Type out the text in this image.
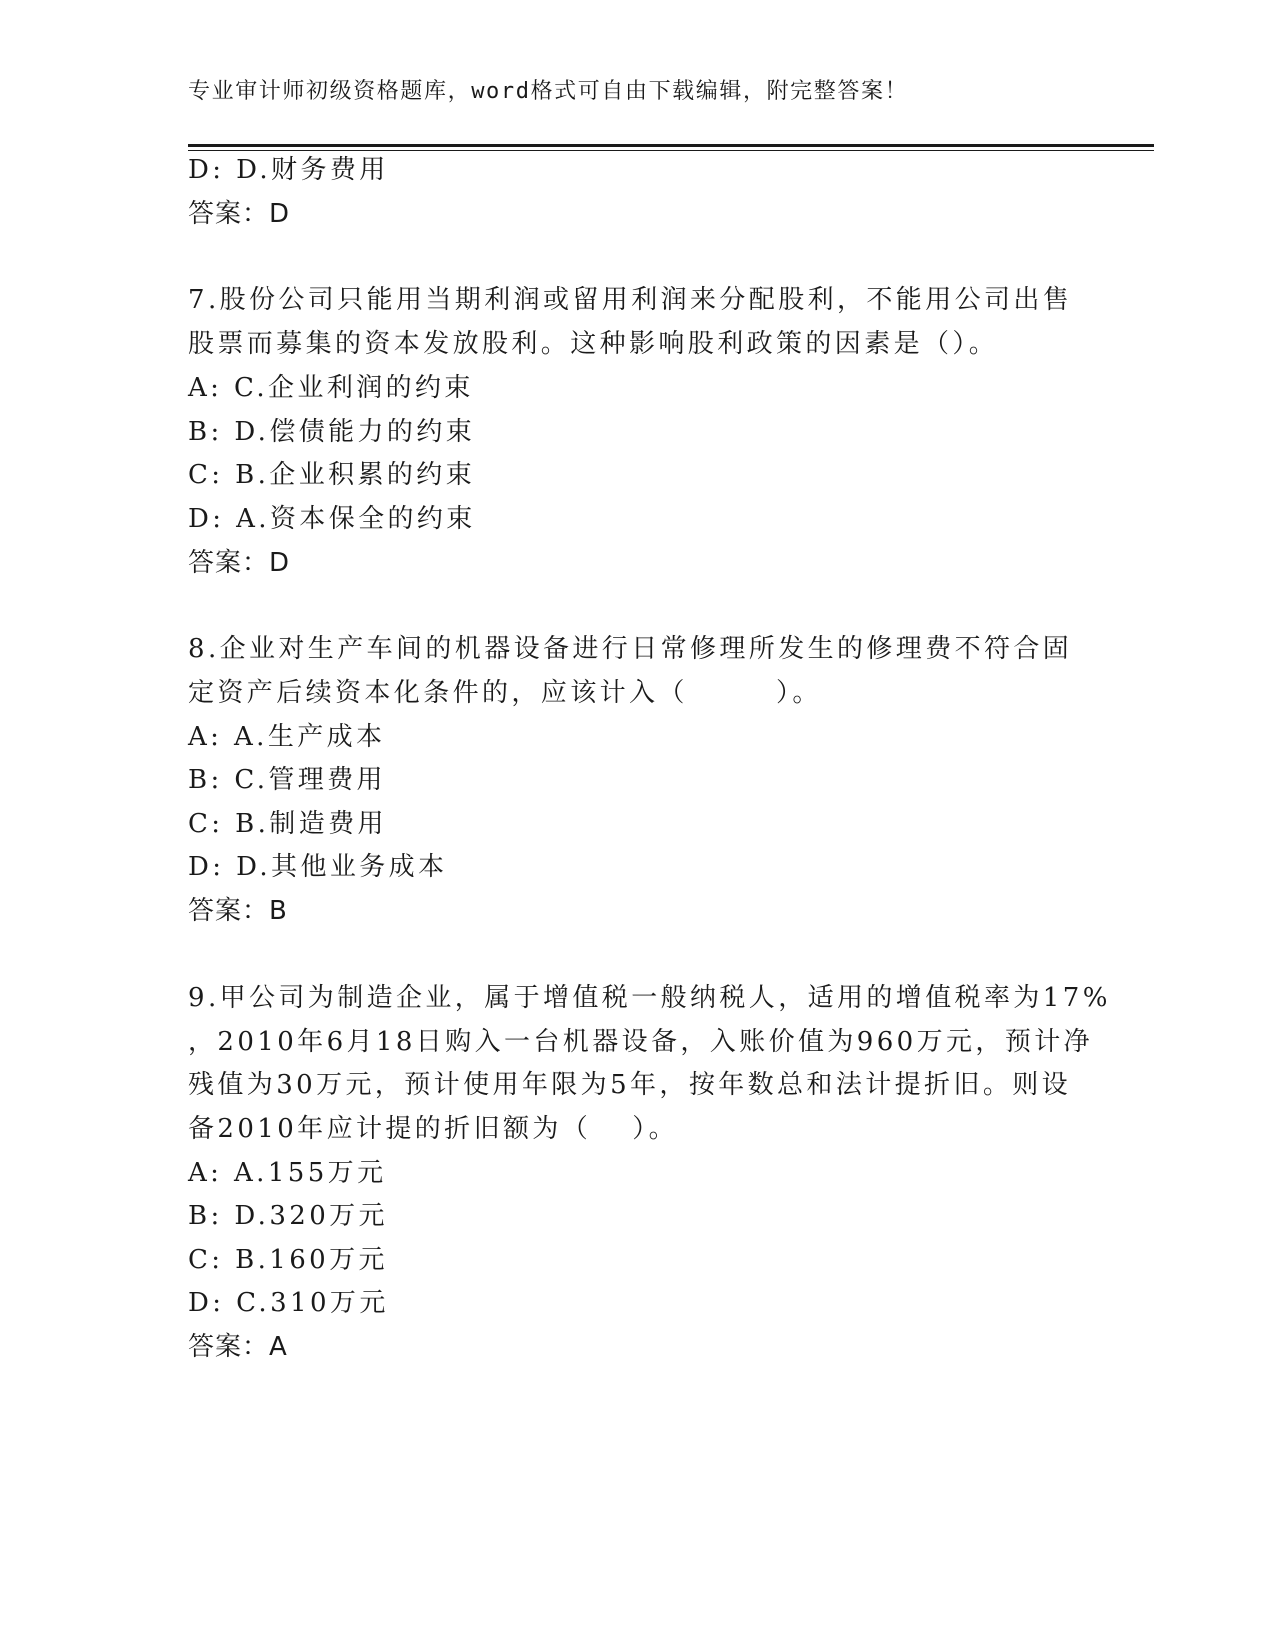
专业审计师初级资格题库，word格式可自由下载编辑，附完整答案！
D: D.财务费用
答案：D
7.股份公司只能用当期利润或留用利润来分配股利，不能用公司出售
股票而募集的资本发放股利。这种影响股利政策的因素是（）。
A: C.企业利润的约束
B: D.偿债能力的约束
C: B.企业积累的约束
D: A.资本保全的约束
答案：D
8.企业对生产车间的机器设备进行日常修理所发生的修理费不符合固
定资产后续资本化条件的，应该计入（　　　）。
A: A.生产成本
B: C.管理费用
C: B.制造费用
D: D.其他业务成本
答案：B
9.甲公司为制造企业，属于增值税一般纳税人，适用的增值税率为17%
，2010年6月18日购入一台机器设备，入账价值为960万元，预计净
残值为30万元，预计使用年限为5年，按年数总和法计提折旧。则设
备2010年应计提的折旧额为（　 ）。
A: A.155万元
B: D.320万元
C: B.160万元
D: C.310万元
答案：A
